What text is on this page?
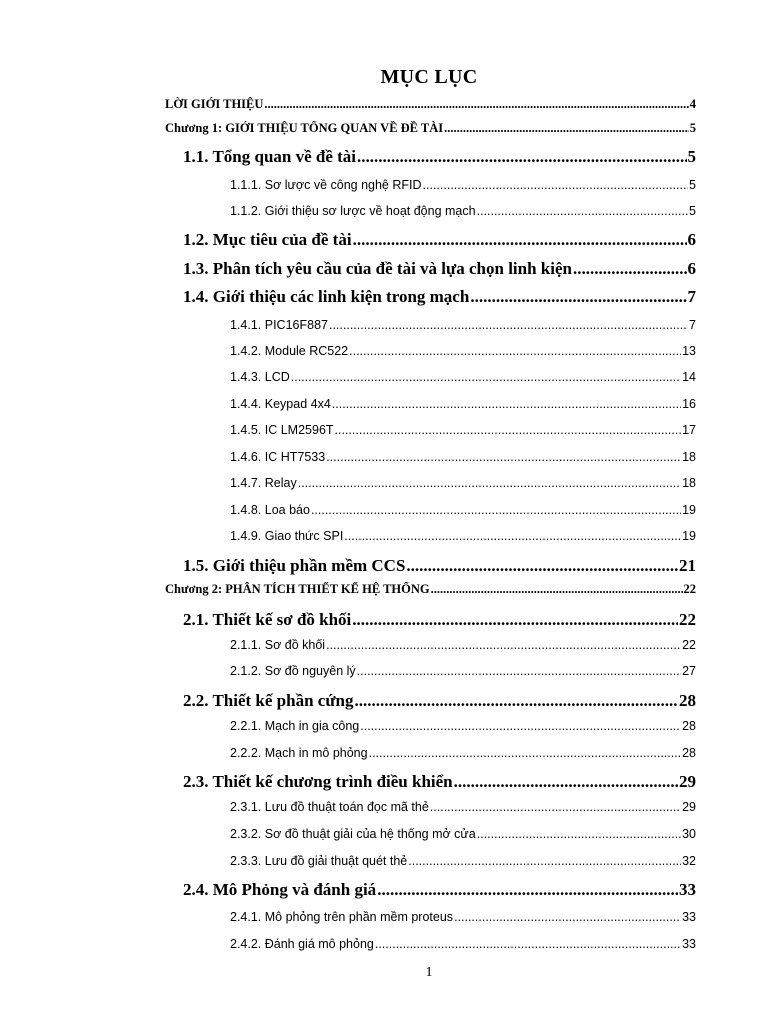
MỤC LỤC
LỜI GIỚI THIỆU .....	4
Chương 1: GIỚI THIỆU TỔNG QUAN VỀ ĐỀ TÀI .....	5
1.1. Tổng quan về đề tài .....	5
1.1.1. Sơ lược về công nghệ RFID .....	5
1.1.2. Giới thiệu sơ lược về hoạt động mạch .....	5
1.2. Mục tiêu của đề tài .....	6
1.3. Phân tích yêu cầu của đề tài và lựa chọn linh kiện .....	6
1.4. Giới thiệu các linh kiện trong mạch .....	7
1.4.1. PIC16F887 .....	7
1.4.2. Module RC522 .....	13
1.4.3. LCD .....	14
1.4.4. Keypad 4x4 .....	16
1.4.5. IC LM2596T .....	17
1.4.6. IC HT7533 .....	18
1.4.7. Relay .....	18
1.4.8. Loa báo .....	19
1.4.9. Giao thức SPI .....	19
1.5. Giới thiệu phần mềm CCS .....	21
Chương 2: PHÂN TÍCH THIẾT KẾ HỆ THỐNG .....	22
2.1. Thiết kế sơ đồ khối .....	22
2.1.1. Sơ đồ khối .....	22
2.1.2. Sơ đồ nguyên lý .....	27
2.2. Thiết kế phần cứng .....	28
2.2.1. Mạch in gia công .....	28
2.2.2. Mạch in mô phỏng .....	28
2.3. Thiết kế chương trình điều khiển .....	29
2.3.1. Lưu đồ thuật toán đọc mã thẻ .....	29
2.3.2. Sơ đồ thuật giải của hệ thống mở cửa .....	30
2.3.3. Lưu đồ giải thuật quét thẻ .....	32
2.4. Mô Phỏng và đánh giá .....	33
2.4.1. Mô phỏng trên phần mềm proteus .....	33
2.4.2. Đánh giá mô phỏng .....	33
1
